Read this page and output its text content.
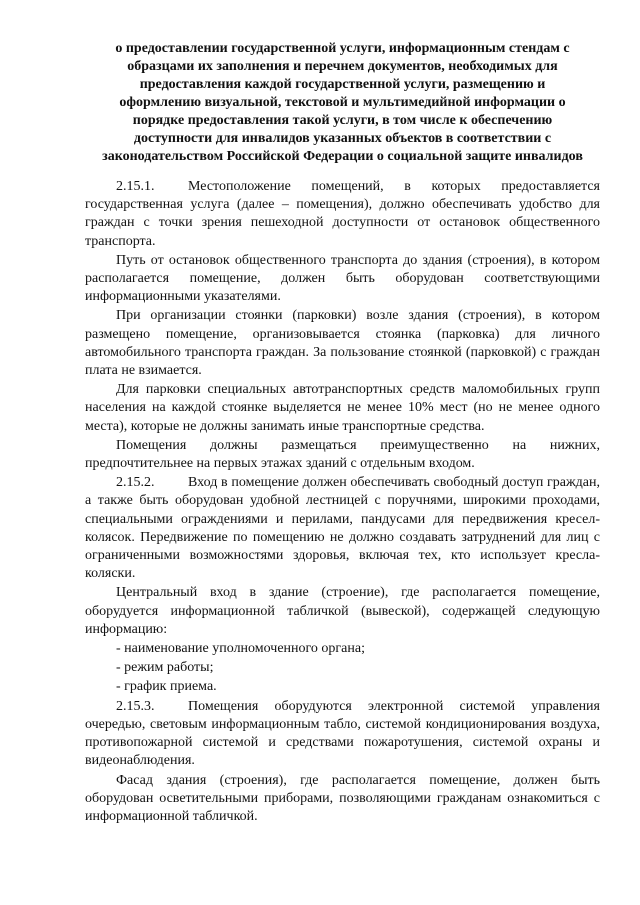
о предоставлении государственной услуги, информационным стендам с
образцами их заполнения и перечнем документов, необходимых для
предоставления каждой государственной услуги, размещению и
оформлению визуальной, текстовой и мультимедийной информации о
порядке предоставления такой услуги, в том числе к обеспечению
доступности для инвалидов указанных объектов в соответствии с
законодательством Российской Федерации о социальной защите инвалидов

2.15.1. Местоположение помещений, в которых предоставляется государственная услуга (далее – помещения), должно обеспечивать удобство для граждан с точки зрения пешеходной доступности от остановок общественного транспорта.

Путь от остановок общественного транспорта до здания (строения), в котором располагается помещение, должен быть оборудован соответствующими информационными указателями.

При организации стоянки (парковки) возле здания (строения), в котором размещено помещение, организовывается стоянка (парковка) для личного автомобильного транспорта граждан. За пользование стоянкой (парковкой) с граждан плата не взимается.

Для парковки специальных автотранспортных средств маломобильных групп населения на каждой стоянке выделяется не менее 10% мест (но не менее одного места), которые не должны занимать иные транспортные средства.

Помещения должны размещаться преимущественно на нижних, предпочтительнее на первых этажах зданий с отдельным входом.

2.15.2. Вход в помещение должен обеспечивать свободный доступ граждан, а также быть оборудован удобной лестницей с поручнями, широкими проходами, специальными ограждениями и перилами, пандусами для передвижения кресел- колясок. Передвижение по помещению не должно создавать затруднений для лиц с ограниченными возможностями здоровья, включая тех, кто использует кресла- коляски.

Центральный вход в здание (строение), где располагается помещение, оборудуется информационной табличкой (вывеской), содержащей следующую информацию:

- наименование уполномоченного органа;

- режим работы;

- график приема.

2.15.3. Помещения оборудуются электронной системой управления очередью, световым информационным табло, системой кондиционирования воздуха, противопожарной системой и средствами пожаротушения, системой охраны и видеонаблюдения.

Фасад здания (строения), где располагается помещение, должен быть оборудован осветительными приборами, позволяющими гражданам ознакомиться с информационной табличкой.
